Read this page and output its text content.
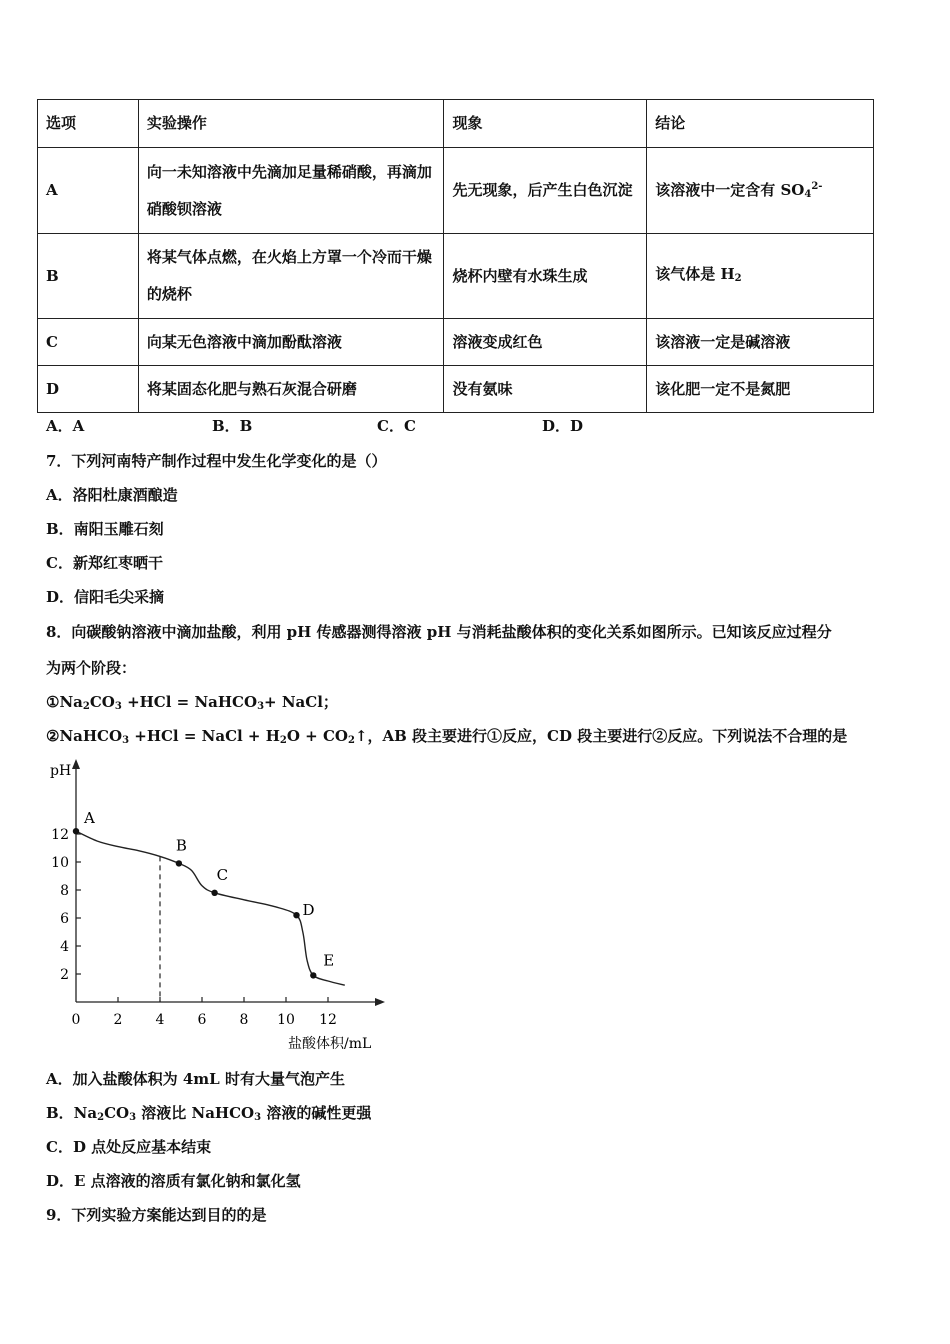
选项	实验操作	现象	结论
A	向一未知溶液中先滴加足量稀硝酸，再滴加硝酸钡溶液	先无现象，后产生白色沉淀	该溶液中一定含有 $SO_4^{2-}$
B	将某气体点燃，在火焰上方罩一个冷而干燥的烧杯	烧杯内壁有水珠生成	该气体是 $H_2$
C	向某无色溶液中滴加酚酞溶液	溶液变成红色	该溶液一定是碱溶液
D	将某固态化肥与熟石灰混合研磨	没有氨味	该化肥一定不是氮肥
A．A	B．B	C．C	D．D
7．下列河南特产制作过程中发生化学变化的是（）
A．洛阳杜康酒酿造
B．南阳玉雕石刻
C．新郑红枣晒干
D．信阳毛尖采摘
8．向碳酸钠溶液中滴加盐酸，利用 pH 传感器测得溶液 pH 与消耗盐酸体积的变化关系如图所示。已知该反应过程分
为两个阶段：
$①Na_2CO_3 +HCl$ = NaHCO$_3$+ NaCl；
②NaHCO$_3$ +HCl = NaCl + $H_2O$ + $CO_2↑$，AB 段主要进行①反应，CD 段主要进行②反应。下列说法不合理的是
pH
盐酸体积/mL
0 2 4 6 8 10 12
2
4
6
8
10
12
A
B
C
D
E
A．加入盐酸体积为 4mL 时有大量气泡产生
B．$Na_2CO_3$ 溶液比 NaHCO$_3$ 溶液的碱性更强
C．D 点处反应基本结束
D．E 点溶液的溶质有氯化钠和氯化氢
9．下列实验方案能达到目的的是
